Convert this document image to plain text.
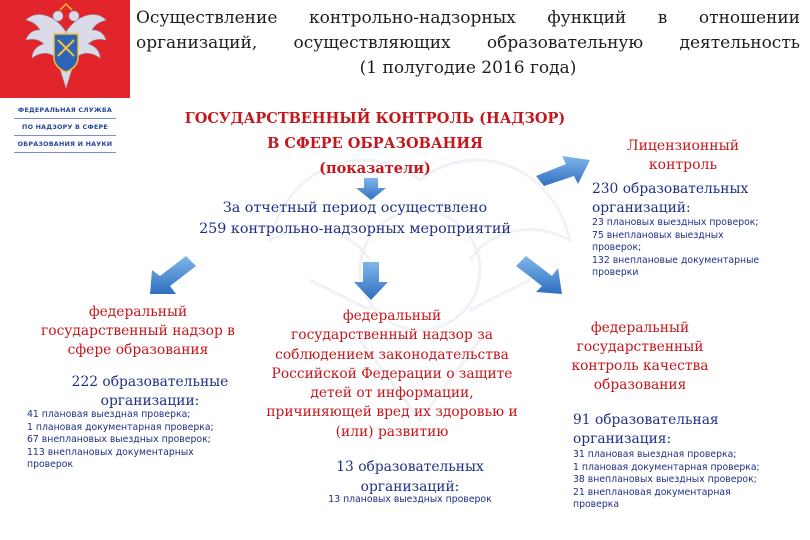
ФЕДЕРАЛЬНАЯ СЛУЖБА
ПО НАДЗОРУ В СФЕРЕ
ОБРАЗОВАНИЯ И НАУКИ
Осуществление контрольно-надзорных функций в отношении
организаций, осуществляющих образовательную деятельность
(1 полугодие 2016 года)
ГОСУДАРСТВЕННЫЙ КОНТРОЛЬ (НАДЗОР)
В СФЕРЕ ОБРАЗОВАНИЯ
(показатели)
За отчетный период осуществлено
259 контрольно-надзорных мероприятий
Лицензионный
контроль
230 образовательных
организаций:
23 плановых выездных проверок;
75 внеплановых выездных
проверок;
132 внеплановые документарные
проверки
федеральный
государственный надзор в
сфере образования
222 образовательные
организации:
41 плановая выездная проверка;
1 плановая документарная проверка;
67 внеплановых выездных проверок;
113 внеплановых документарных
проверок
федеральный
государственный надзор за
соблюдением законодательства
Российской Федерации о защите
детей от информации,
причиняющей вред их здоровью и
(или) развитию
13 образовательных
организаций:
13 плановых выездных проверок
федеральный
государственный
контроль качества
образования
91 образовательная
организация:
31 плановая выездная проверка;
1 плановая документарная проверка;
38 внеплановых выездных проверок;
21 внеплановая документарная
проверка
